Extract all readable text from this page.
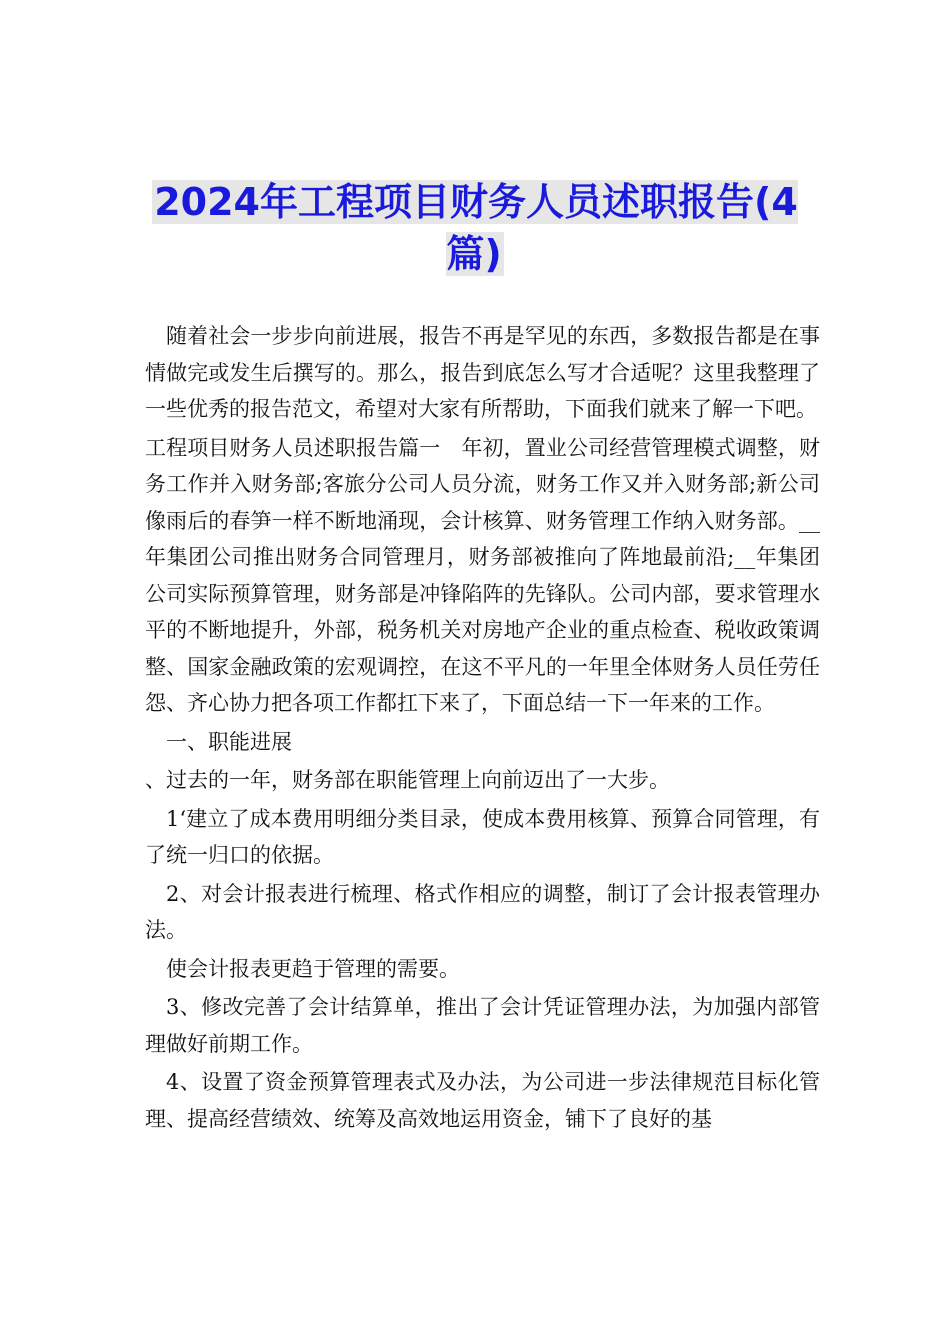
2024年工程项目财务人员述职报告(4篇)

随着社会一步步向前进展，报告不再是罕见的东西，多数报告都是在事情做完或发生后撰写的。那么，报告到底怎么写才合适呢？这里我整理了一些优秀的报告范文，希望对大家有所帮助，下面我们就来了解一下吧。

工程项目财务人员述职报告篇一　年初，置业公司经营管理模式调整，财务工作并入财务部;客旅分公司人员分流，财务工作又并入财务部;新公司像雨后的春笋一样不断地涌现，会计核算、财务管理工作纳入财务部。__年集团公司推出财务合同管理月，财务部被推向了阵地最前沿;__年集团公司实际预算管理，财务部是冲锋陷阵的先锋队。公司内部，要求管理水平的不断地提升，外部，税务机关对房地产企业的重点检查、税收政策调整、国家金融政策的宏观调控，在这不平凡的一年里全体财务人员任劳任怨、齐心协力把各项工作都扛下来了，下面总结一下一年来的工作。

一、职能进展

、过去的一年，财务部在职能管理上向前迈出了一大步。

1‘建立了成本费用明细分类目录，使成本费用核算、预算合同管理，有了统一归口的依据。

2、对会计报表进行梳理、格式作相应的调整，制订了会计报表管理办法。

使会计报表更趋于管理的需要。

3、修改完善了会计结算单，推出了会计凭证管理办法，为加强内部管理做好前期工作。

4、设置了资金预算管理表式及办法，为公司进一步法律规范目标化管理、提高经营绩效、统筹及高效地运用资金，铺下了良好的基
